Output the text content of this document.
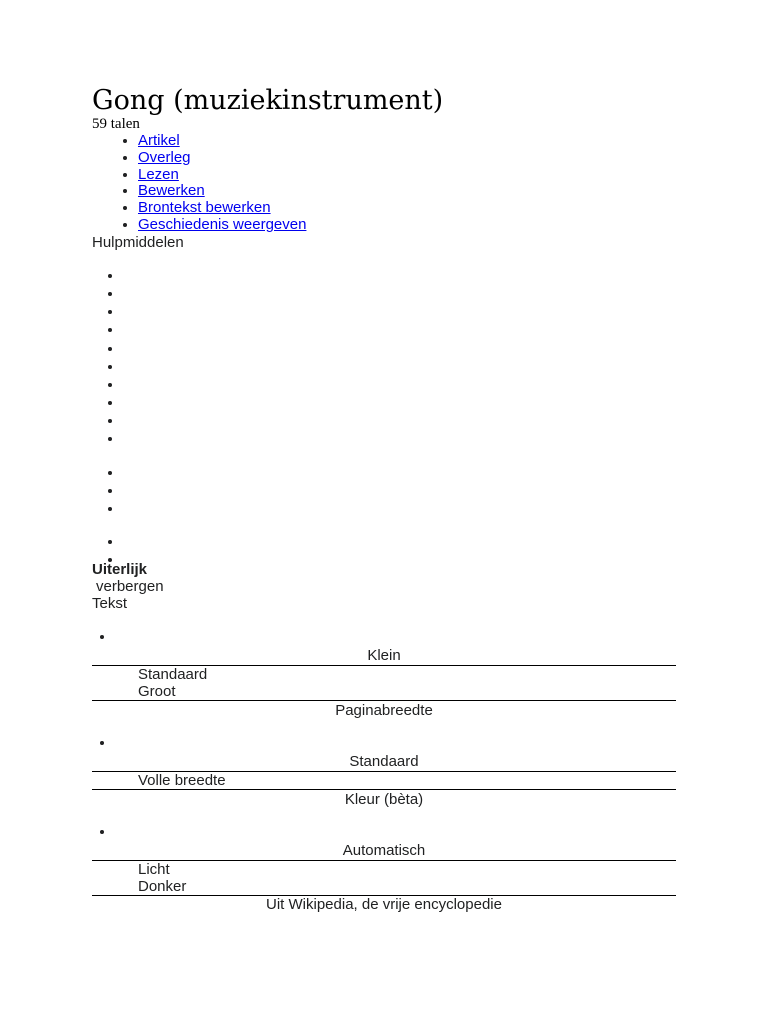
Gong (muziekinstrument)
59 talen
• Artikel
• Overleg
• Lezen
• Bewerken
• Brontekst bewerken
• Geschiedenis weergeven
Hulpmiddelen
•
•
•
•
•
•
•
•
•
•
•
•
•
•
•
Uiterlijk
verbergen
Tekst
•
Klein
Standaard
Groot
Paginabreedte
•
Standaard
Volle breedte
Kleur (bèta)
•
Automatisch
Licht
Donker
Uit Wikipedia, de vrije encyclopedie
